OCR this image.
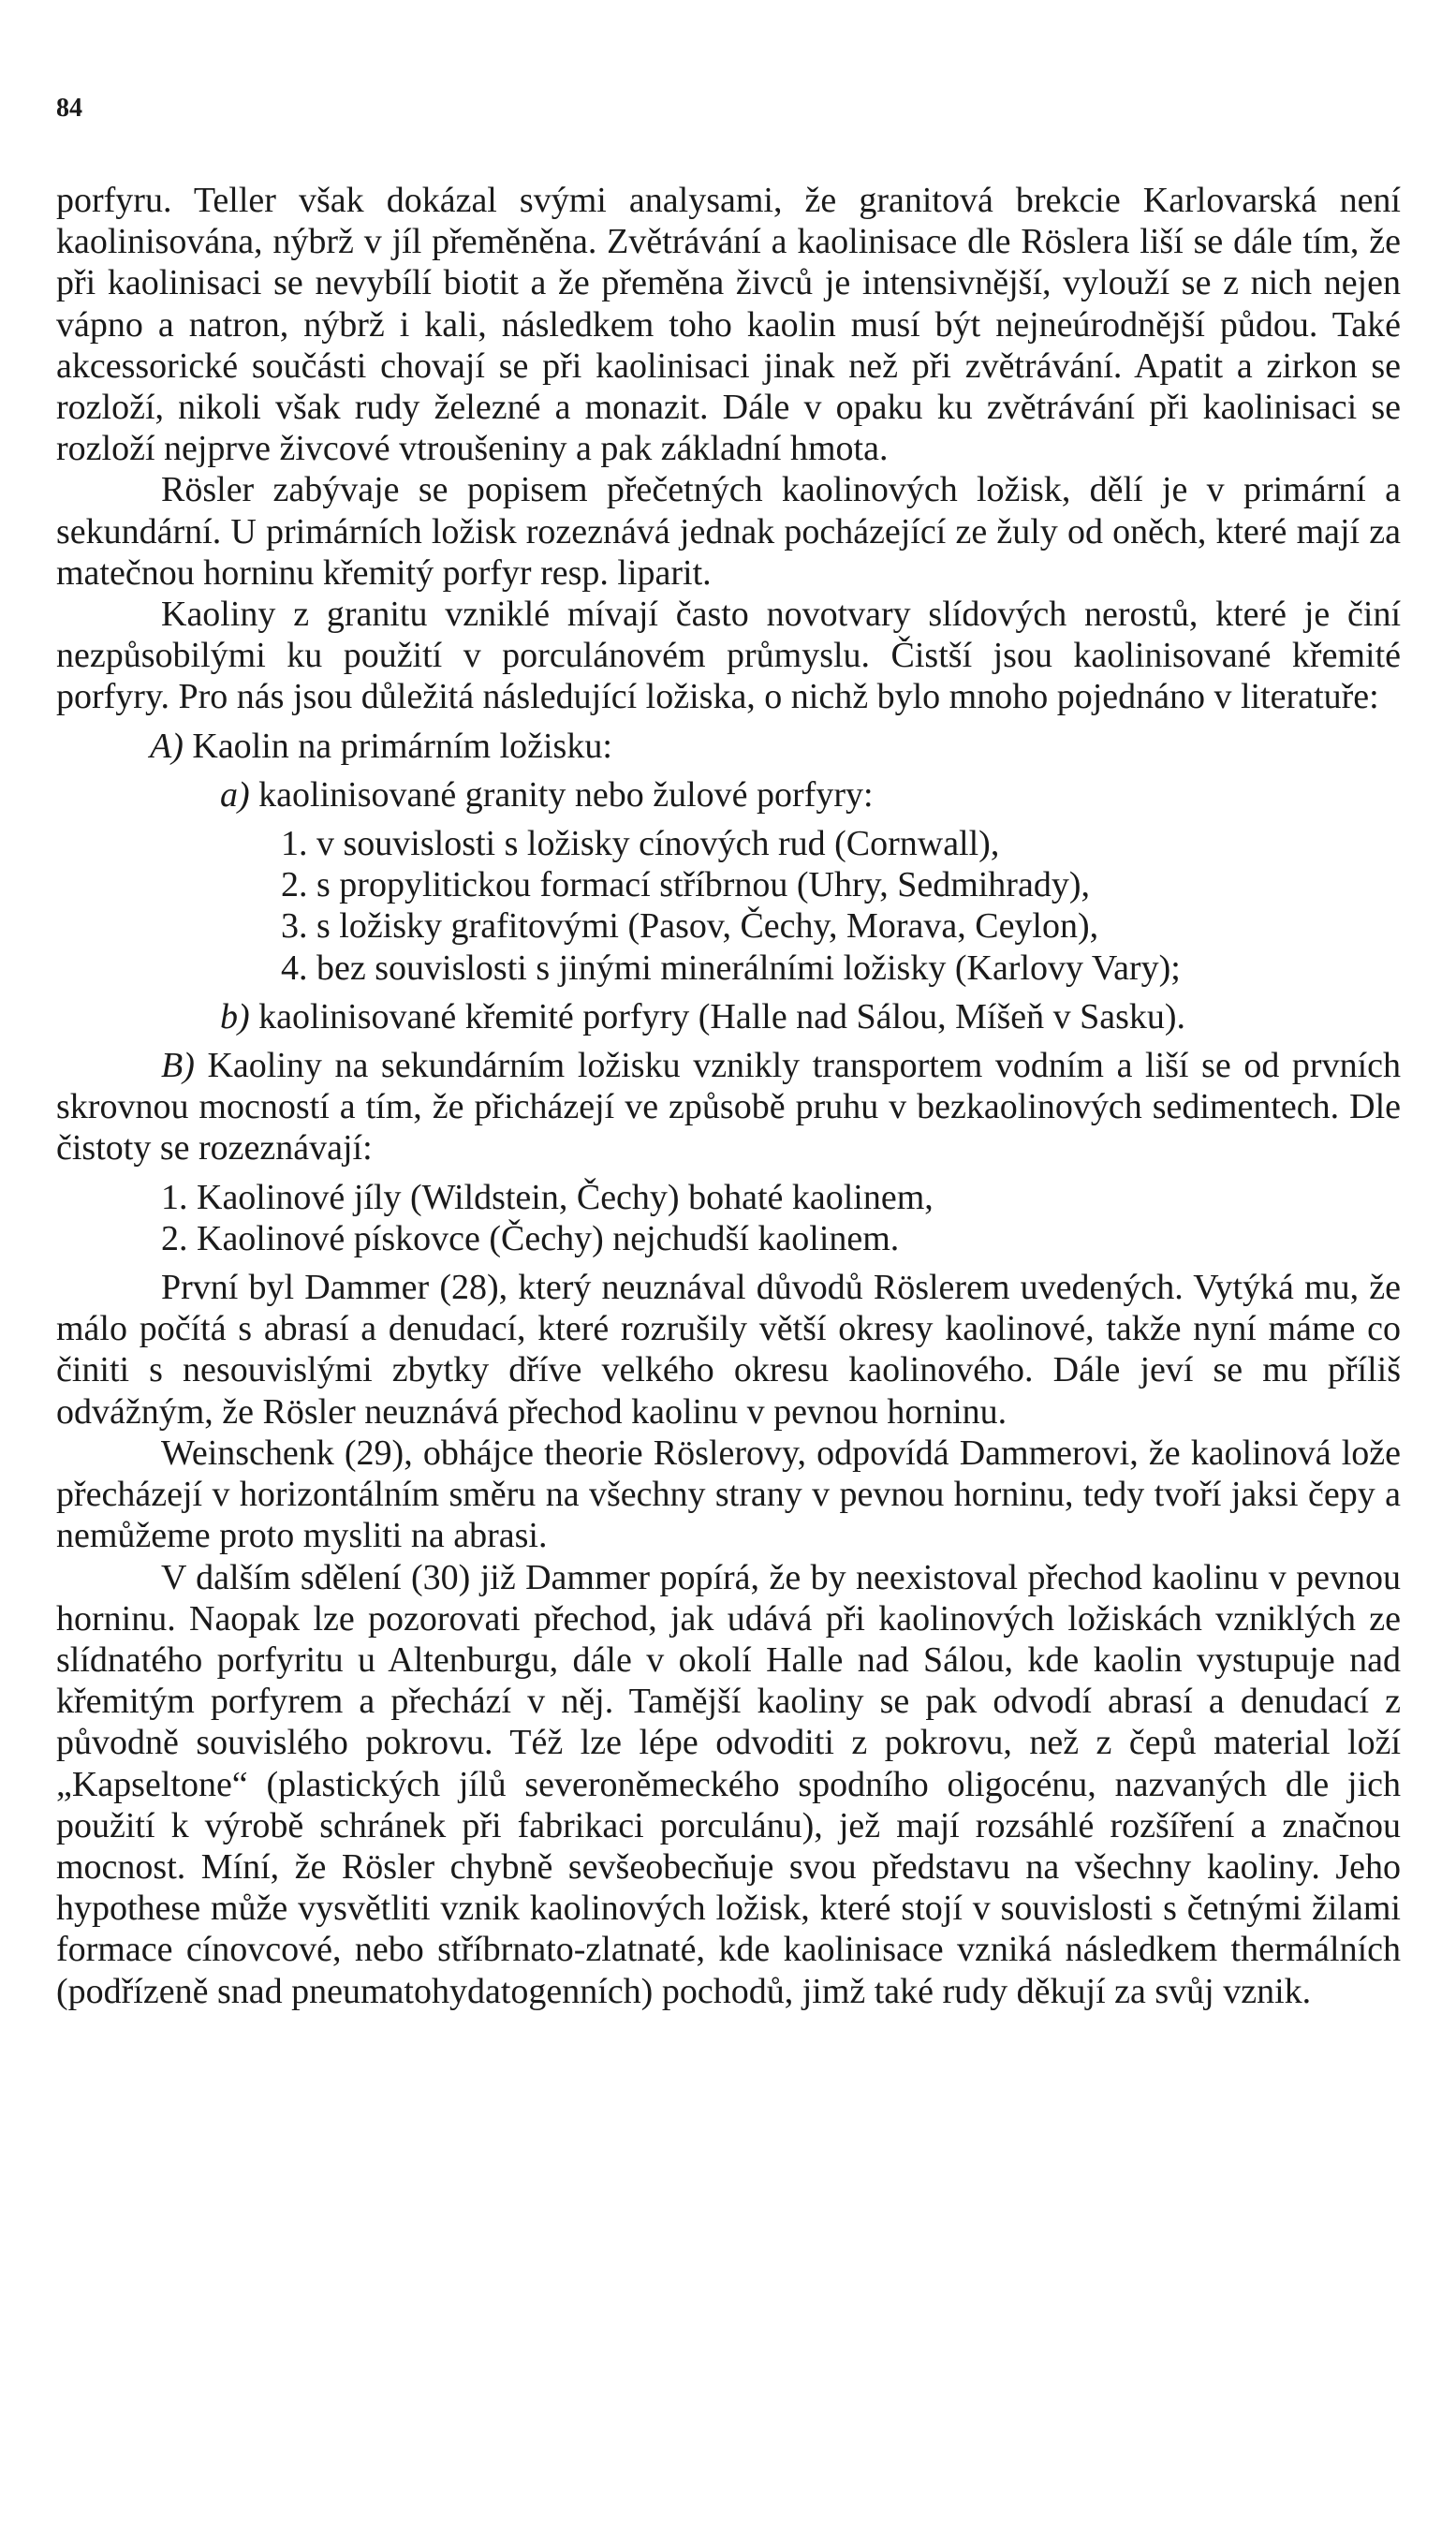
84

porfyru. Teller však dokázal svými analysami, že granitová brekcie Karlovarská není kaolinisována, nýbrž v jíl přeměněna. Zvětrávání a kaolinisace dle Röslera liší se dále tím, že při kaolinisaci se nevybílí biotit a že přeměna živců je intensivnější, vylouží se z nich nejen vápno a natron, nýbrž i kali, následkem toho kaolin musí být nejneúrodnější půdou. Také akcessorické součásti chovají se při kaolinisaci jinak než při zvětrávání. Apatit a zirkon se rozloží, nikoli však rudy železné a monazit. Dále v opaku ku zvětrávání při kaolinisaci se rozloží nejprve živcové vtroušeniny a pak základní hmota.

Rösler zabývaje se popisem přečetných kaolinových ložisk, dělí je v primární a sekundární. U primárních ložisk rozeznává jednak pocházející ze žuly od oněch, které mají za matečnou horninu křemitý porfyr resp. liparit.

Kaoliny z granitu vzniklé mívají často novotvary slídových nerostů, které je činí nezpůsobilými ku použití v porculánovém průmyslu. Čistší jsou kaolinisované křemité porfyry. Pro nás jsou důležitá následující ložiska, o nichž bylo mnoho pojednáno v literatuře:

A) Kaolin na primárním ložisku:

a) kaolinisované granity nebo žulové porfyry:

1. v souvislosti s ložisky cínových rud (Cornwall),

2. s propylitickou formací stříbrnou (Uhry, Sedmihrady),

3. s ložisky grafitovými (Pasov, Čechy, Morava, Ceylon),

4. bez souvislosti s jinými minerálními ložisky (Karlovy Vary);

b) kaolinisované křemité porfyry (Halle nad Sálou, Míšeň v Sasku).

B) Kaoliny na sekundárním ložisku vznikly transportem vodním a liší se od prvních skrovnou mocností a tím, že přicházejí ve způsobě pruhu v bezkaolinových sedimentech. Dle čistoty se rozeznávají:

1. Kaolinové jíly (Wildstein, Čechy) bohaté kaolinem,

2. Kaolinové pískovce (Čechy) nejchudší kaolinem.

První byl Dammer (28), který neuznával důvodů Röslerem uvedených. Vytýká mu, že málo počítá s abrasí a denudací, které rozrušily větší okresy kaolinové, takže nyní máme co činiti s nesouvislými zbytky dříve velkého okresu kaolinového. Dále jeví se mu příliš odvážným, že Rösler neuznává přechod kaolinu v pevnou horninu.

Weinschenk (29), obhájce theorie Röslerovy, odpovídá Dammerovi, že kaolinová lože přecházejí v horizontálním směru na všechny strany v pevnou horninu, tedy tvoří jaksi čepy a nemůžeme proto mysliti na abrasi.

V dalším sdělení (30) již Dammer popírá, že by neexistoval přechod kaolinu v pevnou horninu. Naopak lze pozorovati přechod, jak udává při kaolinových ložiskách vzniklých ze slídnatého porfyritu u Altenburgu, dále v okolí Halle nad Sálou, kde kaolin vystupuje nad křemitým porfyrem a přechází v něj. Tamější kaoliny se pak odvodí abrasí a denudací z původně souvislého pokrovu. Též lze lépe odvoditi z pokrovu, než z čepů material loží „Kapseltone“ (plastických jílů severoněmeckého spodního oligocénu, nazvaných dle jich použití k výrobě schránek při fabrikaci porculánu), jež mají rozsáhlé rozšíření a značnou mocnost. Míní, že Rösler chybně sevšeobecňuje svou představu na všechny kaoliny. Jeho hypothese může vysvětliti vznik kaolinových ložisk, které stojí v souvislosti s četnými žilami formace cínovcové, nebo stříbrnato-zlatnaté, kde kaolinisace vzniká následkem thermálních (podřízeně snad pneumatohydatogenních) pochodů, jimž také rudy děkují za svůj vznik.
